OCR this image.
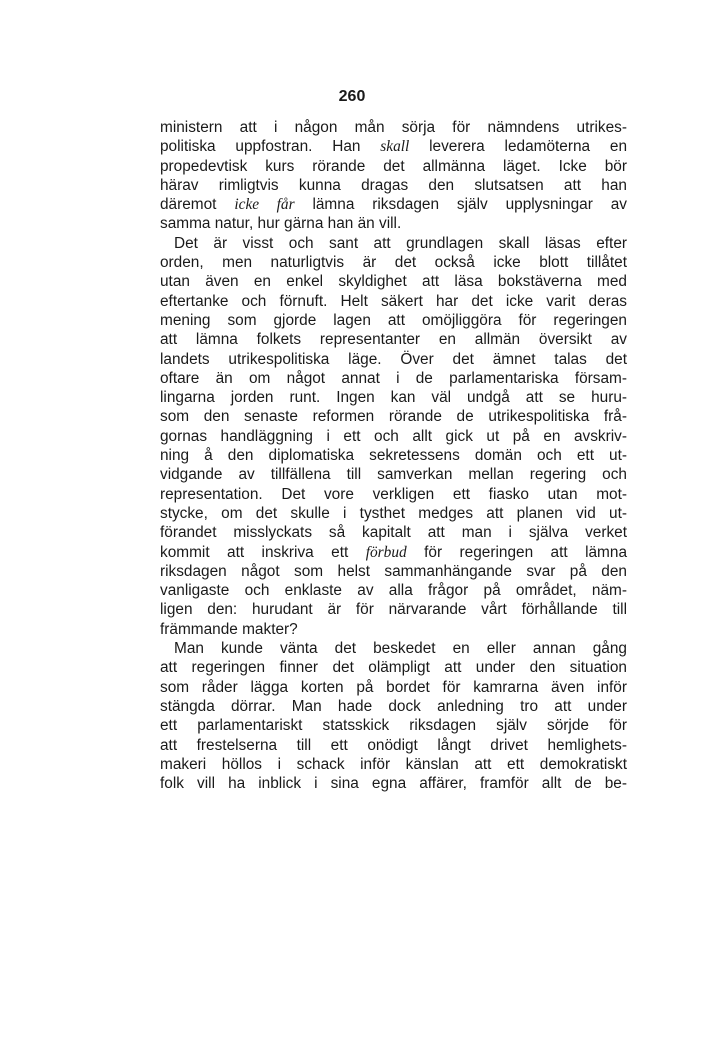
260

ministern att i någon mån sörja för nämndens utrikes-
politiska uppfostran. Han skall leverera ledamöterna en
propedevtisk kurs rörande det allmänna läget. Icke bör
härav rimligtvis kunna dragas den slutsatsen att han
däremot icke får lämna riksdagen själv upplysningar av
samma natur, hur gärna han än vill.
Det är visst och sant att grundlagen skall läsas efter
orden, men naturligtvis är det också icke blott tillåtet
utan även en enkel skyldighet att läsa bokstäverna med
eftertanke och förnuft. Helt säkert har det icke varit deras
mening som gjorde lagen att omöjliggöra för regeringen
att lämna folkets representanter en allmän översikt av
landets utrikespolitiska läge. Över det ämnet talas det
oftare än om något annat i de parlamentariska försam-
lingarna jorden runt. Ingen kan väl undgå att se huru-
som den senaste reformen rörande de utrikespolitiska frå-
gornas handläggning i ett och allt gick ut på en avskriv-
ning å den diplomatiska sekretessens domän och ett ut-
vidgande av tillfällena till samverkan mellan regering och
representation. Det vore verkligen ett fiasko utan mot-
stycke, om det skulle i tysthet medges att planen vid ut-
förandet misslyckats så kapitalt att man i själva verket
kommit att inskriva ett förbud för regeringen att lämna
riksdagen något som helst sammanhängande svar på den
vanligaste och enklaste av alla frågor på området, näm-
ligen den: hurudant är för närvarande vårt förhållande till
främmande makter?
Man kunde vänta det beskedet en eller annan gång
att regeringen finner det olämpligt att under den situation
som råder lägga korten på bordet för kamrarna även inför
stängda dörrar. Man hade dock anledning tro att under
ett parlamentariskt statsskick riksdagen själv sörjde för
att frestelserna till ett onödigt långt drivet hemlighets-
makeri höllos i schack inför känslan att ett demokratiskt
folk vill ha inblick i sina egna affärer, framför allt de be-
